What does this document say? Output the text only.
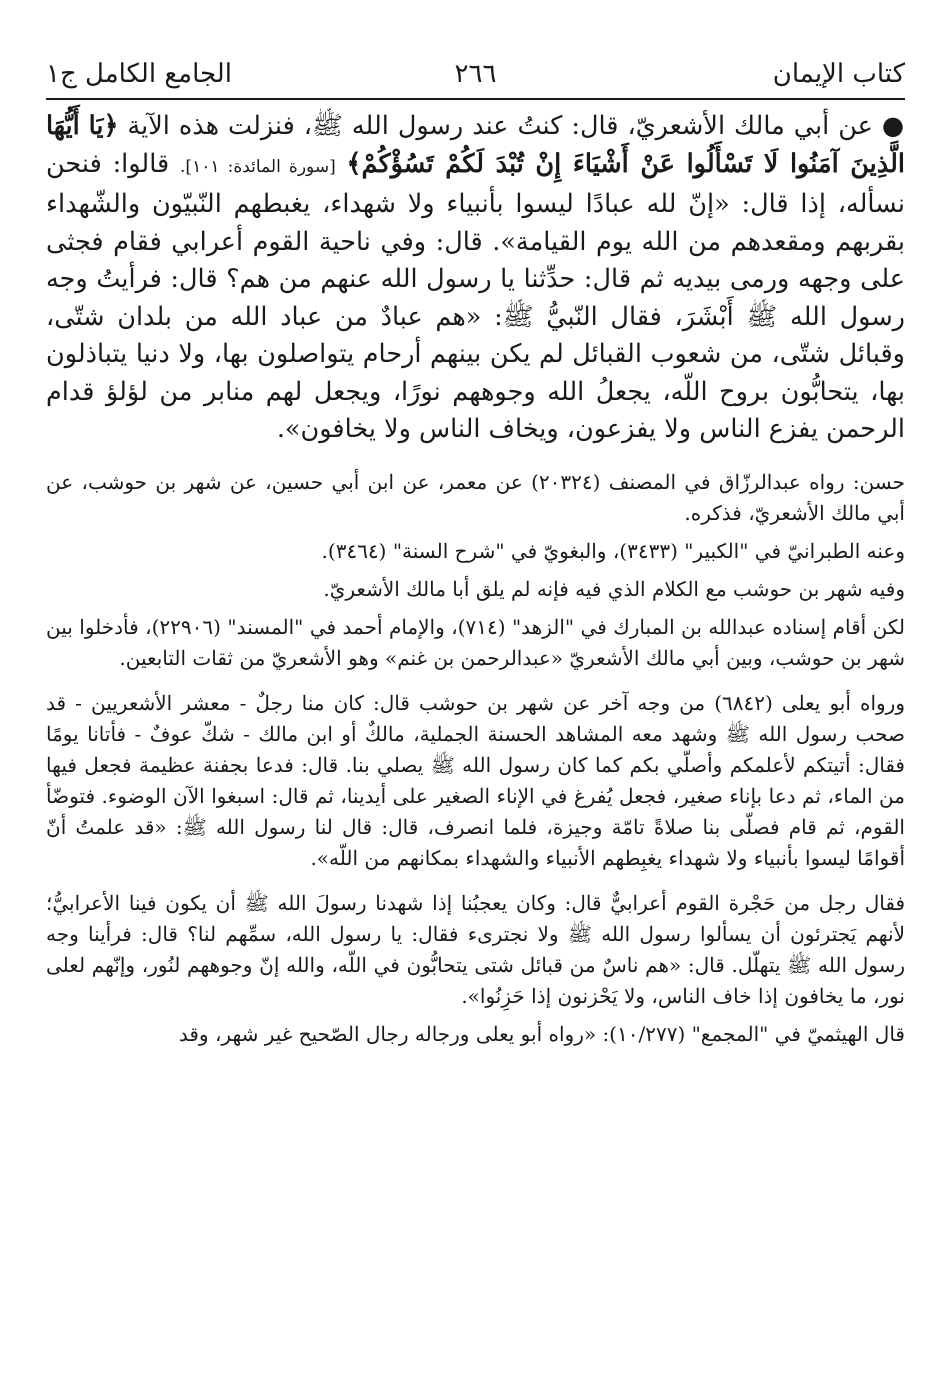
كتاب الإيمان
٢٦٦
الجامع الكامل ج١

● عن أبي مالك الأشعريّ، قال: كنتُ عند رسول الله ﷺ، فنزلت هذه الآية ﴿يَا أَيُّهَا الَّذِينَ آمَنُوا لَا تَسْأَلُوا عَنْ أَشْيَاءَ إِنْ تُبْدَ لَكُمْ تَسُؤْكُمْ﴾ [سورة المائدة: ١٠١]. قالوا: فنحن نسأله، إذا قال: «إنّ لله عبادًا ليسوا بأنبياء ولا شهداء، يغبطهم النّبيّون والشّهداء بقربهم ومقعدهم من الله يوم القيامة». قال: وفي ناحية القوم أعرابي فقام فجثى على وجهه ورمى بيديه ثم قال: حدِّثنا يا رسول الله عنهم من هم؟ قال: فرأيتُ وجه رسول الله ﷺ أَبْشَرَ، فقال النّبيُّ ﷺ: «هم عبادٌ من عباد الله من بلدان شتّى، وقبائل شتّى، من شعوب القبائل لم يكن بينهم أرحام يتواصلون بها، ولا دنيا يتباذلون بها، يتحابُّون بروح اللّه، يجعلُ الله وجوههم نورًا، ويجعل لهم منابر من لؤلؤ قدام الرحمن يفزع الناس ولا يفزعون، ويخاف الناس ولا يخافون».

حسن: رواه عبدالرزّاق في المصنف (٢٠٣٢٤) عن معمر، عن ابن أبي حسين، عن شهر بن حوشب، عن أبي مالك الأشعريّ، فذكره.

وعنه الطبرانيّ في "الكبير" (٣٤٣٣)، والبغويّ في "شرح السنة" (٣٤٦٤).

وفيه شهر بن حوشب مع الكلام الذي فيه فإنه لم يلق أبا مالك الأشعريّ.

لكن أقام إسناده عبدالله بن المبارك في "الزهد" (٧١٤)، والإمام أحمد في "المسند" (٢٢٩٠٦)، فأدخلوا بين شهر بن حوشب، وبين أبي مالك الأشعريّ «عبدالرحمن بن غنم» وهو الأشعريّ من ثقات التابعين.

ورواه أبو يعلى (٦٨٤٢) من وجه آخر عن شهر بن حوشب قال: كان منا رجلٌ - معشر الأشعريين - قد صحب رسول الله ﷺ وشهد معه المشاهد الحسنة الجملية، مالكٌ أو ابن مالك - شكّ عوفٌ - فأتانا يومًا فقال: أتيتكم لأعلمكم وأصلّي بكم كما كان رسول الله ﷺ يصلي بنا. قال: فدعا بجفنة عظيمة فجعل فيها من الماء، ثم دعا بإناء صغير، فجعل يُفرغ في الإناء الصغير على أيدينا، ثم قال: اسبغوا الآن الوضوء. فتوضّأ القوم، ثم قام فصلّى بنا صلاةً تامّة وجيزة، فلما انصرف، قال: قال لنا رسول الله ﷺ: «قد علمتُ أنّ أقوامًا ليسوا بأنبياء ولا شهداء يغبِطهم الأنبياء والشهداء بمكانهم من اللّه».

فقال رجل من حَجْرة القوم أعرابيٌّ قال: وكان يعجبُنا إذا شهدنا رسولَ الله ﷺ أن يكون فينا الأعرابيُّ؛ لأنهم يَجترئون أن يسألوا رسول الله ﷺ ولا نجترىء فقال: يا رسول الله، سمِّهم لنا؟ قال: فرأينا وجه رسول الله ﷺ يتهلّل. قال: «هم ناسٌ من قبائل شتى يتحابُّون في اللّه، والله إنّ وجوههم لنُور، وإنّهم لعلى نور، ما يخافون إذا خاف الناس، ولا يَحْزنون إذا حَزِنُوا».

قال الهيثميّ في "المجمع" (١٠/٢٧٧): «رواه أبو يعلى ورجاله رجال الصّحيح غير شهر، وقد
